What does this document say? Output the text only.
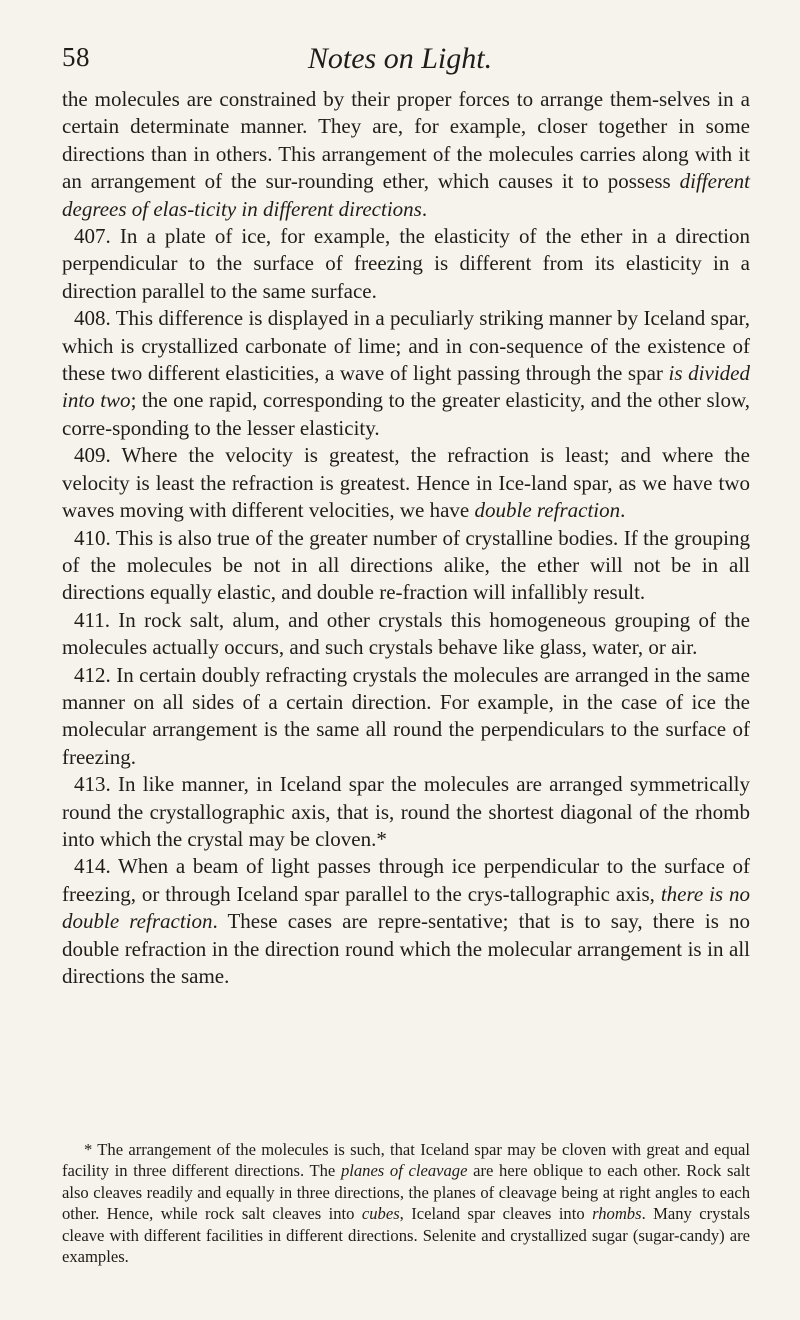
58	Notes on Light.

the molecules are constrained by their proper forces to arrange them-selves in a certain determinate manner. They are, for example, closer together in some directions than in others. This arrangement of the molecules carries along with it an arrangement of the sur-rounding ether, which causes it to possess different degrees of elas-ticity in different directions.

407. In a plate of ice, for example, the elasticity of the ether in a direction perpendicular to the surface of freezing is different from its elasticity in a direction parallel to the same surface.

408. This difference is displayed in a peculiarly striking manner by Iceland spar, which is crystallized carbonate of lime; and in con-sequence of the existence of these two different elasticities, a wave of light passing through the spar is divided into two; the one rapid, corresponding to the greater elasticity, and the other slow, corre-sponding to the lesser elasticity.

409. Where the velocity is greatest, the refraction is least; and where the velocity is least the refraction is greatest. Hence in Ice-land spar, as we have two waves moving with different velocities, we have double refraction.

410. This is also true of the greater number of crystalline bodies. If the grouping of the molecules be not in all directions alike, the ether will not be in all directions equally elastic, and double re-fraction will infallibly result.

411. In rock salt, alum, and other crystals this homogeneous grouping of the molecules actually occurs, and such crystals behave like glass, water, or air.

412. In certain doubly refracting crystals the molecules are arranged in the same manner on all sides of a certain direction. For example, in the case of ice the molecular arrangement is the same all round the perpendiculars to the surface of freezing.

413. In like manner, in Iceland spar the molecules are arranged symmetrically round the crystallographic axis, that is, round the shortest diagonal of the rhomb into which the crystal may be cloven.*

414. When a beam of light passes through ice perpendicular to the surface of freezing, or through Iceland spar parallel to the crys-tallographic axis, there is no double refraction. These cases are repre-sentative; that is to say, there is no double refraction in the direction round which the molecular arrangement is in all directions the same.

* The arrangement of the molecules is such, that Iceland spar may be cloven with great and equal facility in three different directions. The planes of cleavage are here oblique to each other. Rock salt also cleaves readily and equally in three directions, the planes of cleavage being at right angles to each other. Hence, while rock salt cleaves into cubes, Iceland spar cleaves into rhombs. Many crystals cleave with different facilities in different directions. Selenite and crystallized sugar (sugar-candy) are examples.
